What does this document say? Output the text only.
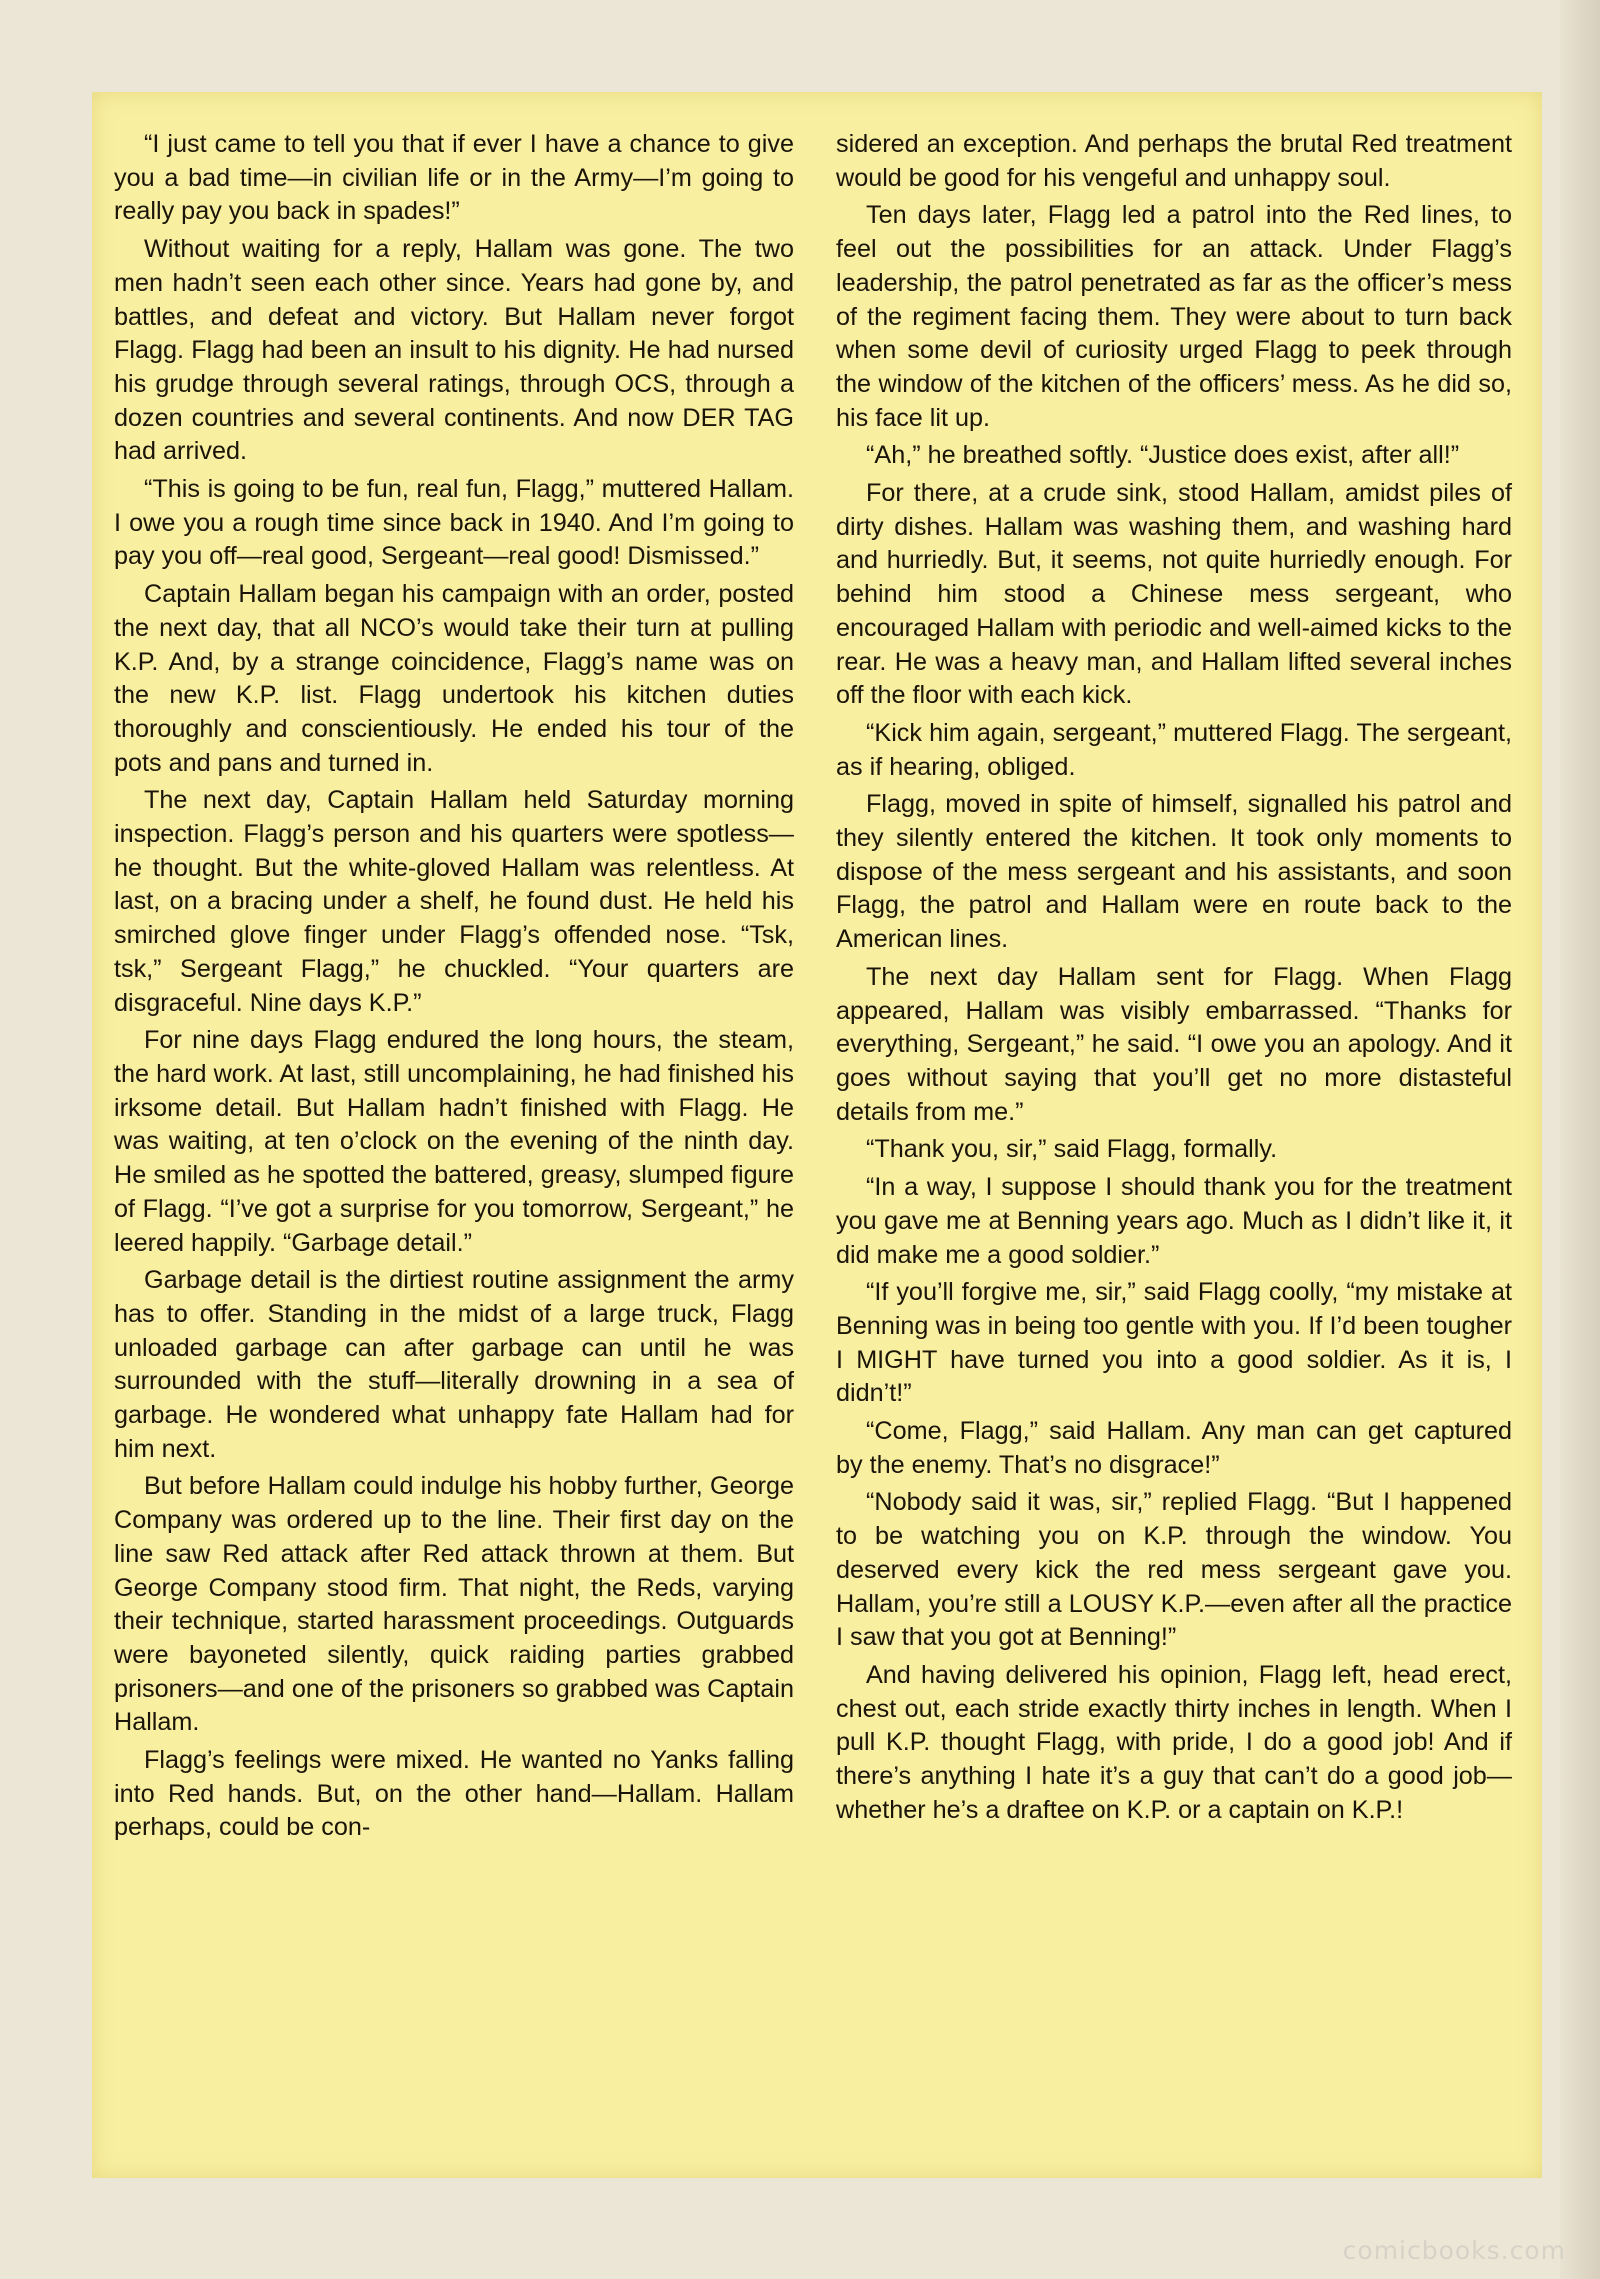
“I just came to tell you that if ever I have a chance to give you a bad time—in civilian life or in the Army—I’m going to really pay you back in spades!”

Without waiting for a reply, Hallam was gone. The two men hadn’t seen each other since. Years had gone by, and battles, and defeat and victory. But Hallam never forgot Flagg. Flagg had been an insult to his dignity. He had nursed his grudge through several ratings, through OCS, through a dozen countries and several continents. And now DER TAG had arrived.

“This is going to be fun, real fun, Flagg,” muttered Hallam. I owe you a rough time since back in 1940. And I’m going to pay you off—real good, Sergeant—real good! Dismissed.”

Captain Hallam began his campaign with an order, posted the next day, that all NCO’s would take their turn at pulling K.P. And, by a strange coincidence, Flagg’s name was on the new K.P. list. Flagg undertook his kitchen duties thoroughly and conscientiously. He ended his tour of the pots and pans and turned in.

The next day, Captain Hallam held Saturday morning inspection. Flagg’s person and his quarters were spotless—he thought. But the white-gloved Hallam was relentless. At last, on a bracing under a shelf, he found dust. He held his smirched glove finger under Flagg’s offended nose. “Tsk, tsk,” Sergeant Flagg,” he chuckled. “Your quarters are disgraceful. Nine days K.P.”

For nine days Flagg endured the long hours, the steam, the hard work. At last, still uncomplaining, he had finished his irksome detail. But Hallam hadn’t finished with Flagg. He was waiting, at ten o’clock on the evening of the ninth day. He smiled as he spotted the battered, greasy, slumped figure of Flagg. “I’ve got a surprise for you tomorrow, Sergeant,” he leered happily. “Garbage detail.”

Garbage detail is the dirtiest routine assignment the army has to offer. Standing in the midst of a large truck, Flagg unloaded garbage can after garbage can until he was surrounded with the stuff—literally drowning in a sea of garbage. He wondered what unhappy fate Hallam had for him next.

But before Hallam could indulge his hobby further, George Company was ordered up to the line. Their first day on the line saw Red attack after Red attack thrown at them. But George Company stood firm. That night, the Reds, varying their technique, started harassment proceedings. Outguards were bayoneted silently, quick raiding parties grabbed prisoners—and one of the prisoners so grabbed was Captain Hallam.

Flagg’s feelings were mixed. He wanted no Yanks falling into Red hands. But, on the other hand—Hallam. Hallam perhaps, could be con-

sidered an exception. And perhaps the brutal Red treatment would be good for his vengeful and unhappy soul.

Ten days later, Flagg led a patrol into the Red lines, to feel out the possibilities for an attack. Under Flagg’s leadership, the patrol penetrated as far as the officer’s mess of the regiment facing them. They were about to turn back when some devil of curiosity urged Flagg to peek through the window of the kitchen of the officers’ mess. As he did so, his face lit up.

“Ah,” he breathed softly. “Justice does exist, after all!”

For there, at a crude sink, stood Hallam, amidst piles of dirty dishes. Hallam was washing them, and washing hard and hurriedly. But, it seems, not quite hurriedly enough. For behind him stood a Chinese mess sergeant, who encouraged Hallam with periodic and well-aimed kicks to the rear. He was a heavy man, and Hallam lifted several inches off the floor with each kick.

“Kick him again, sergeant,” muttered Flagg. The sergeant, as if hearing, obliged.

Flagg, moved in spite of himself, signalled his patrol and they silently entered the kitchen. It took only moments to dispose of the mess sergeant and his assistants, and soon Flagg, the patrol and Hallam were en route back to the American lines.

The next day Hallam sent for Flagg. When Flagg appeared, Hallam was visibly embarrassed. “Thanks for everything, Sergeant,” he said. “I owe you an apology. And it goes without saying that you’ll get no more distasteful details from me.”

“Thank you, sir,” said Flagg, formally.

“In a way, I suppose I should thank you for the treatment you gave me at Benning years ago. Much as I didn’t like it, it did make me a good soldier.”

“If you’ll forgive me, sir,” said Flagg coolly, “my mistake at Benning was in being too gentle with you. If I’d been tougher I MIGHT have turned you into a good soldier. As it is, I didn’t!”

“Come, Flagg,” said Hallam. Any man can get captured by the enemy. That’s no disgrace!”

“Nobody said it was, sir,” replied Flagg. “But I happened to be watching you on K.P. through the window. You deserved every kick the red mess sergeant gave you. Hallam, you’re still a LOUSY K.P.—even after all the practice I saw that you got at Benning!”

And having delivered his opinion, Flagg left, head erect, chest out, each stride exactly thirty inches in length. When I pull K.P. thought Flagg, with pride, I do a good job! And if there’s anything I hate it’s a guy that can’t do a good job—whether he’s a draftee on K.P. or a captain on K.P.!

comicbooks.com
